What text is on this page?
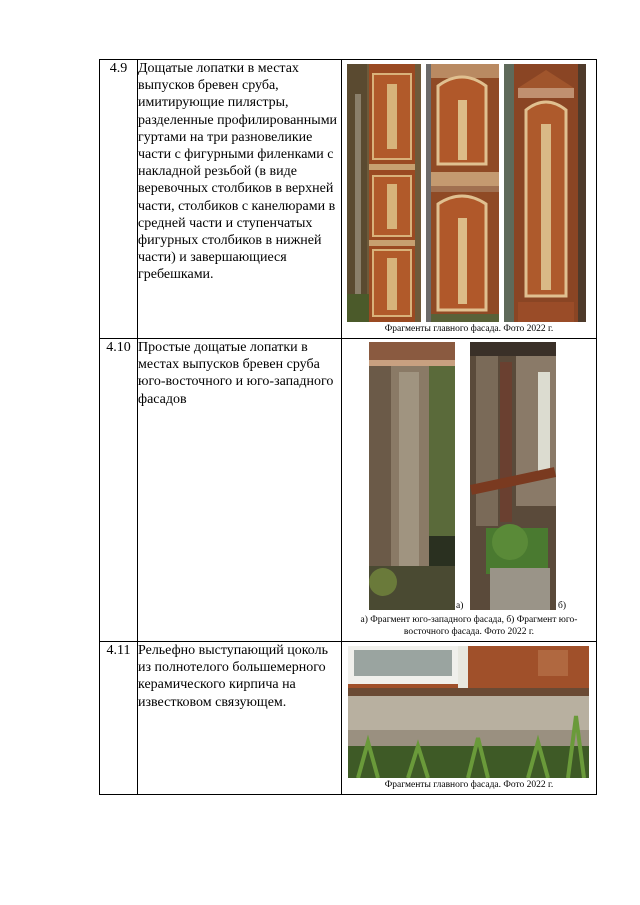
4.9	Дощатые лопатки в местах выпусков бревен сруба, имитирующие пилястры, разделенные профилированными гуртами на три разновеликие части с фигурными филенками с накладной резьбой (в виде веревочных столбиков в верхней части, столбиков с канелюрами в средней части и ступенчатых фигурных столбиков в нижней части) и завершающиеся гребешками.	Фрагменты главного фасада. Фото 2022 г.

4.10	Простые дощатые лопатки в местах выпусков бревен сруба юго-восточного и юго-западного фасадов	а) б)
а) Фрагмент юго-западного фасада, б) Фрагмент юго-восточного фасада. Фото 2022 г.

4.11	Рельефно выступающий цоколь из полнотелого большемерного керамического кирпича на известковом связующем.	Фрагменты главного фасада. Фото 2022 г.
